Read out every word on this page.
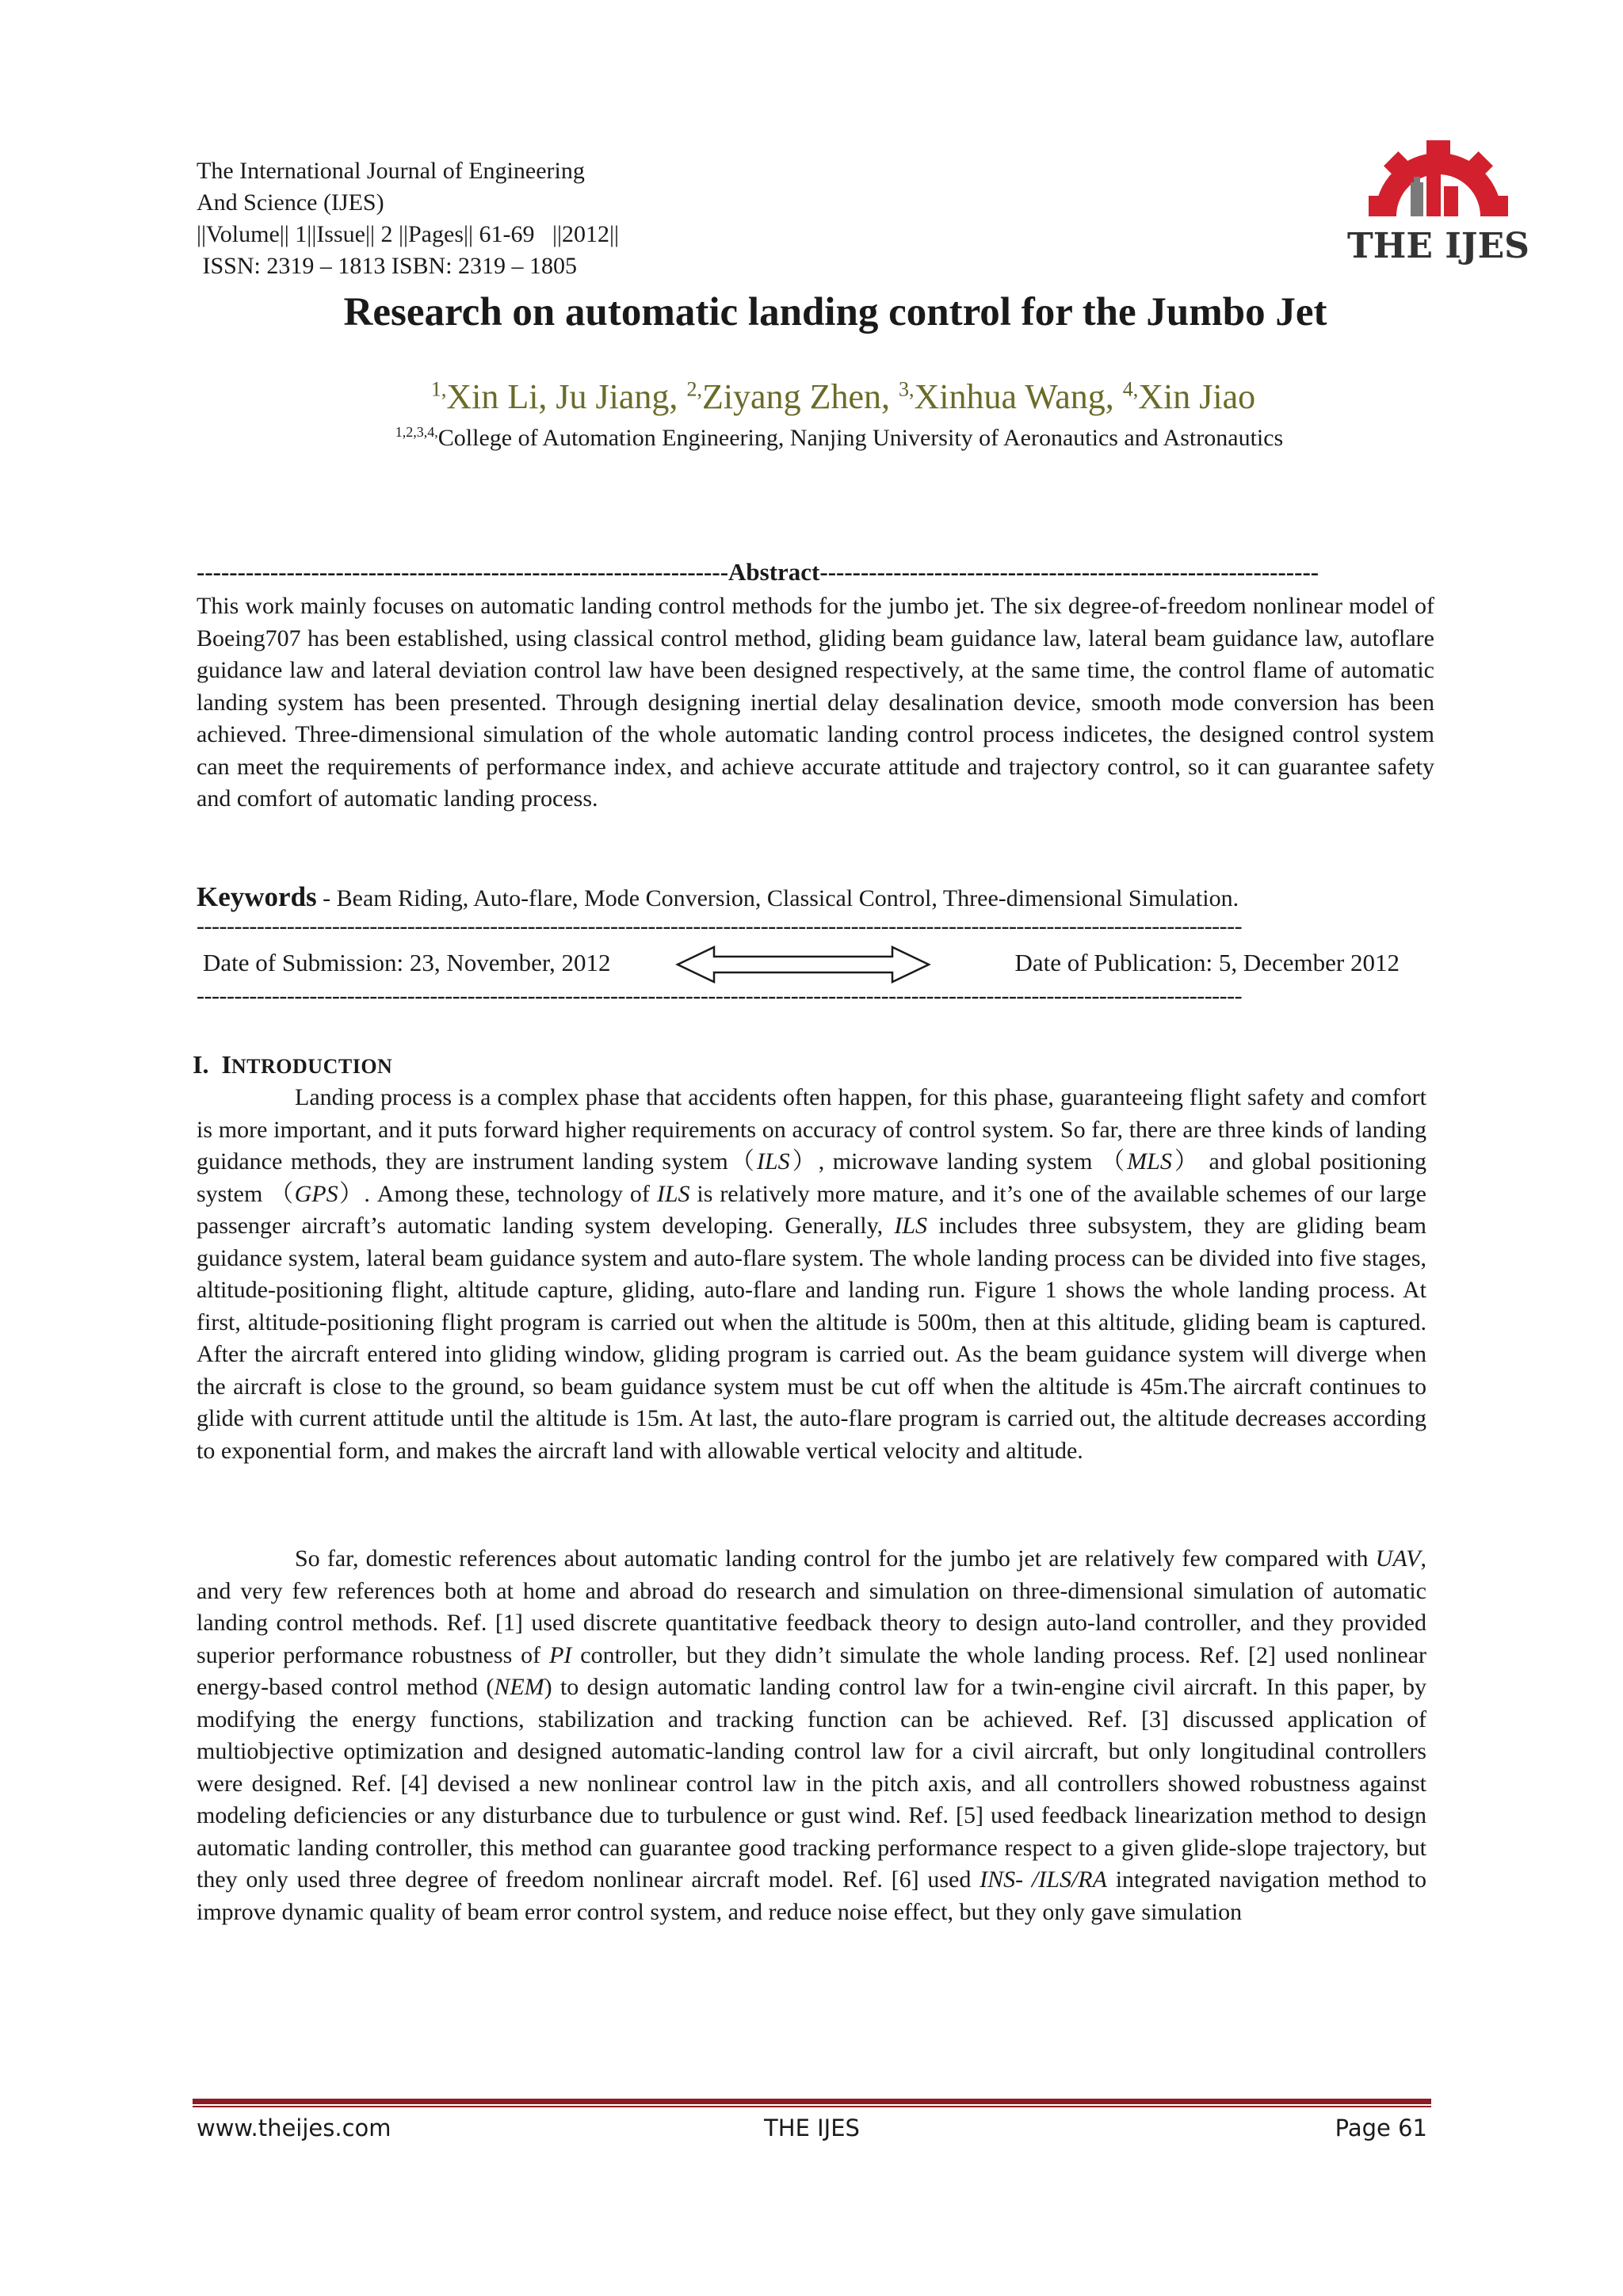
The International Journal of Engineering
And Science (IJES)
||Volume|| 1||Issue|| 2 ||Pages|| 61-69   ||2012||
ISSN: 2319 – 1813 ISBN: 2319 – 1805	THE IJES
Research on automatic landing control for the Jumbo Jet
$^{1,}$Xin Li, Ju Jiang, $^{2,}$Ziyang Zhen, $^{3,}$Xinhua Wang, $^{4,}$Xin Jiao
$^{1,2,3,4,}$College of Automation Engineering, Nanjing University of Aeronautics and Astronautics
-----------------------------------------------------------------Abstract-------------------------------------------------------------
This work mainly focuses on automatic landing control methods for the jumbo jet. The six degree-of-freedom nonlinear model of Boeing707 has been established, using classical control method, gliding beam guidance law, lateral beam guidance law, autoflare guidance law and lateral deviation control law have been designed respectively, at the same time, the control flame of automatic landing system has been presented. Through designing inertial delay desalination device, smooth mode conversion has been achieved. Three-dimensional simulation of the whole automatic landing control process indicetes, the designed control system can meet the requirements of performance index, and achieve accurate attitude and trajectory control, so it can guarantee safety and comfort of automatic landing process.
Keywords - Beam Riding, Auto-flare, Mode Conversion, Classical Control, Three-dimensional Simulation.
-------------------------------------------------------------------------------------------------------------------------------------------
Date of Submission: 23, November, 2012	Date of Publication: 5, December 2012
-------------------------------------------------------------------------------------------------------------------------------------------
I. INTRODUCTION

Landing process is a complex phase that accidents often happen, for this phase, guaranteeing flight safety and comfort is more important, and it puts forward higher requirements on accuracy of control system. So far, there are three kinds of landing guidance methods, they are instrument landing system（ILS）, microwave landing system （MLS） and global positioning system （GPS）. Among these, technology of ILS is relatively more mature, and it’s one of the available schemes of our large passenger aircraft’s automatic landing system developing. Generally, ILS includes three subsystem, they are gliding beam guidance system, lateral beam guidance system and auto-flare system. The whole landing process can be divided into five stages, altitude-positioning flight, altitude capture, gliding, auto-flare and landing run. Figure 1 shows the whole landing process. At first, altitude-positioning flight program is carried out when the altitude is 500m, then at this altitude, gliding beam is captured. After the aircraft entered into gliding window, gliding program is carried out. As the beam guidance system will diverge when the aircraft is close to the ground, so beam guidance system must be cut off when the altitude is 45m.The aircraft continues to glide with current attitude until the altitude is 15m. At last, the auto-flare program is carried out, the altitude decreases according to exponential form, and makes the aircraft land with allowable vertical velocity and altitude.

So far, domestic references about automatic landing control for the jumbo jet are relatively few compared with UAV, and very few references both at home and abroad do research and simulation on three-dimensional simulation of automatic landing control methods. Ref. [1] used discrete quantitative feedback theory to design auto-land controller, and they provided superior performance robustness of PI controller, but they didn’t simulate the whole landing process. Ref. [2] used nonlinear energy-based control method (NEM) to design automatic landing control law for a twin-engine civil aircraft. In this paper, by modifying the energy functions, stabilization and tracking function can be achieved. Ref. [3] discussed application of multiobjective optimization and designed automatic-landing control law for a civil aircraft, but only longitudinal controllers were designed. Ref. [4] devised a new nonlinear control law in the pitch axis, and all controllers showed robustness against modeling deficiencies or any disturbance due to turbulence or gust wind. Ref. [5] used feedback linearization method to design automatic landing controller, this method can guarantee good tracking performance respect to a given glide-slope trajectory, but they only used three degree of freedom nonlinear aircraft model. Ref. [6] used INS- /ILS/RA integrated navigation method to improve dynamic quality of beam error control system, and reduce noise effect, but they only gave simulation

www.theijes.com	THE IJES	Page 61
